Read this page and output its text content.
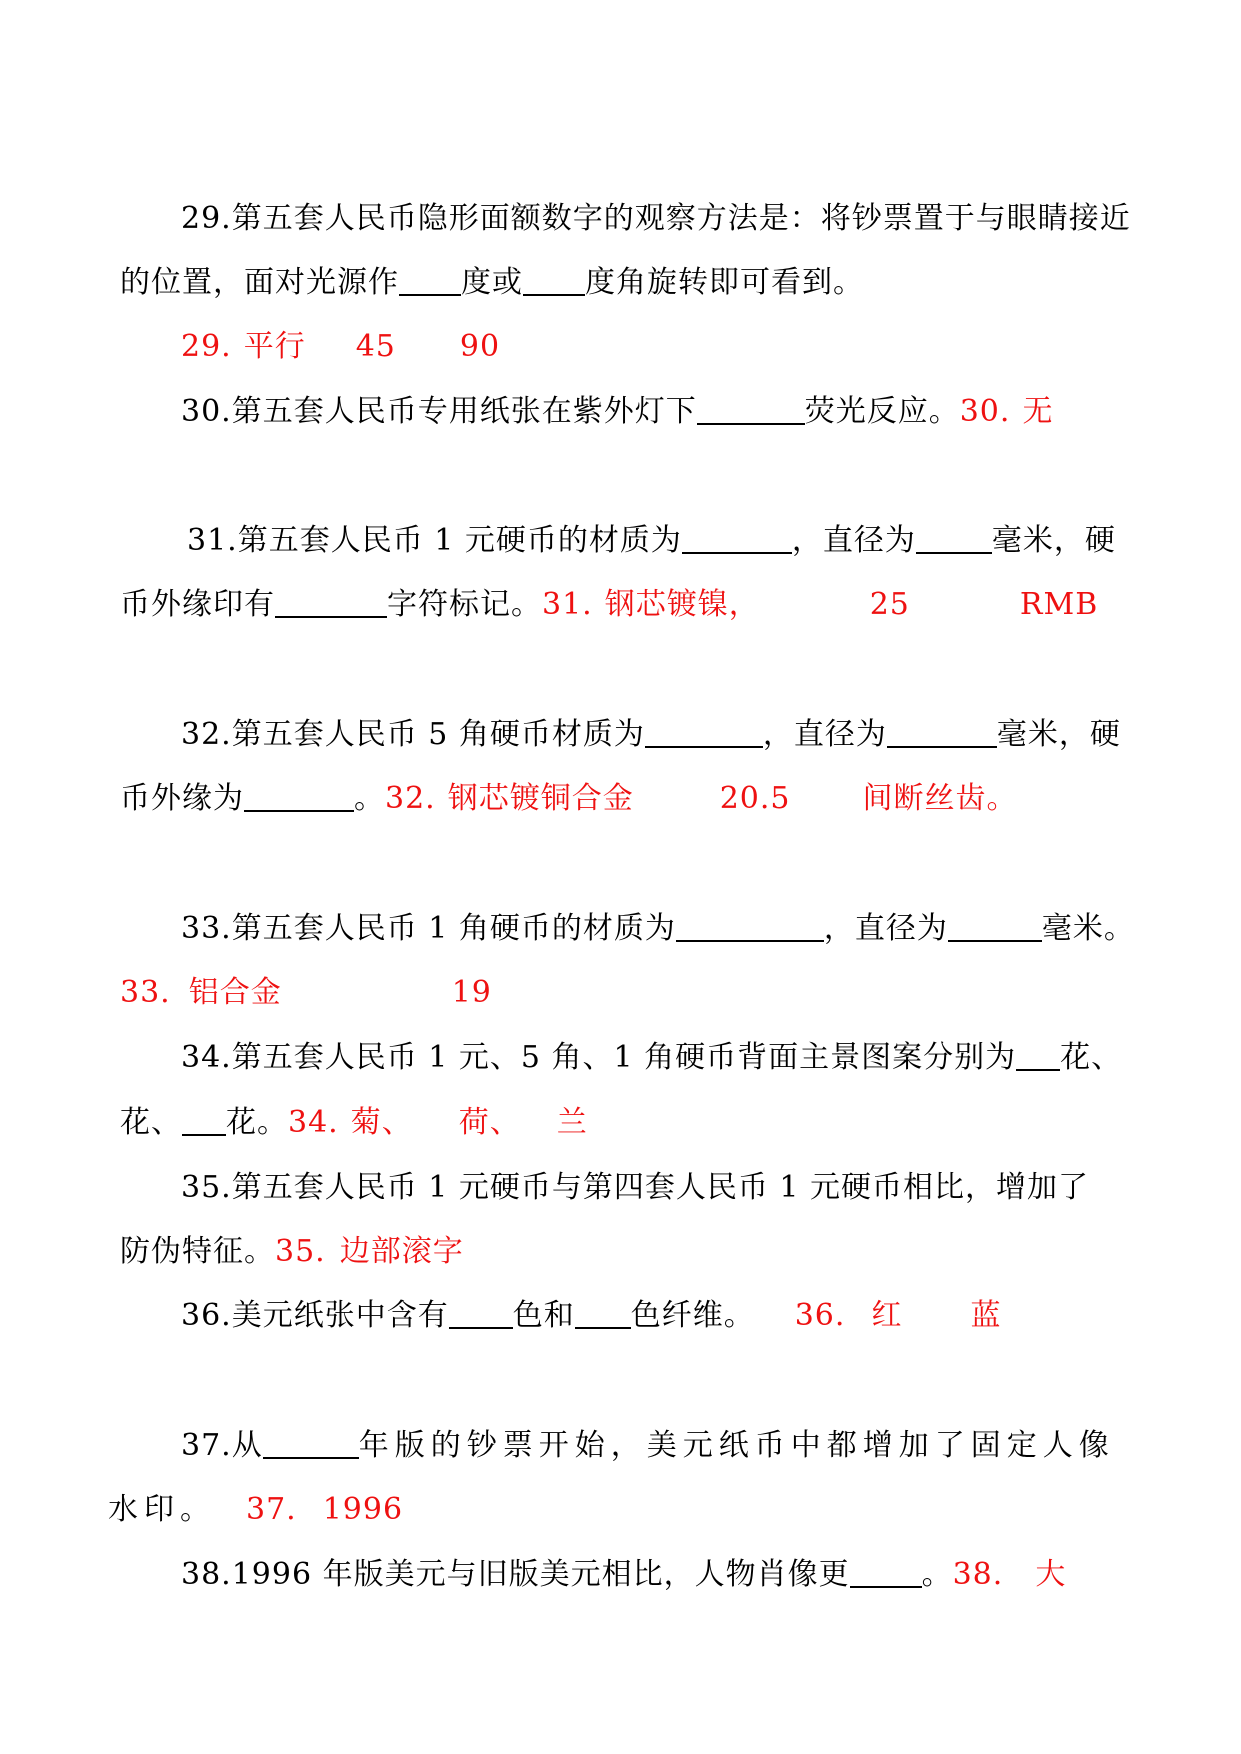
29.第五套人民币隐形面额数字的观察方法是：将钞票置于与眼睛接近
的位置，面对光源作 度或 度角旋转即可看到。
29. 平行 45 90
30.第五套人民币专用纸张在紫外灯下	荧光反应。30. 无
31.第五套人民币 1 元硬币的材质为	，直径为	毫米，硬
币外缘印有	字符标记。31. 钢芯镀镍，	25	RMB
32.第五套人民币 5 角硬币材质为	，直径为	毫米，硬
币外缘为	。32. 钢芯镀铜合金	20.5 间断丝齿。
33.第五套人民币 1 角硬币的材质为	，直径为	毫米。
33. 铝合金	19
34.第五套人民币 1 元、5 角、1 角硬币背面主景图案分别为 花、
花、 花。34. 菊、 荷、 兰
35.第五套人民币 1 元硬币与第四套人民币 1 元硬币相比，增加了
防伪特征。35. 边部滚字
36.美元纸张中含有 色和 色纤维。 36. 红 蓝
37.从	年版的钞票开始，美元纸币中都增加了固定人像
水印。 37. 1996
38.1996 年版美元与旧版美元相比，人物肖像更 。38. 大
